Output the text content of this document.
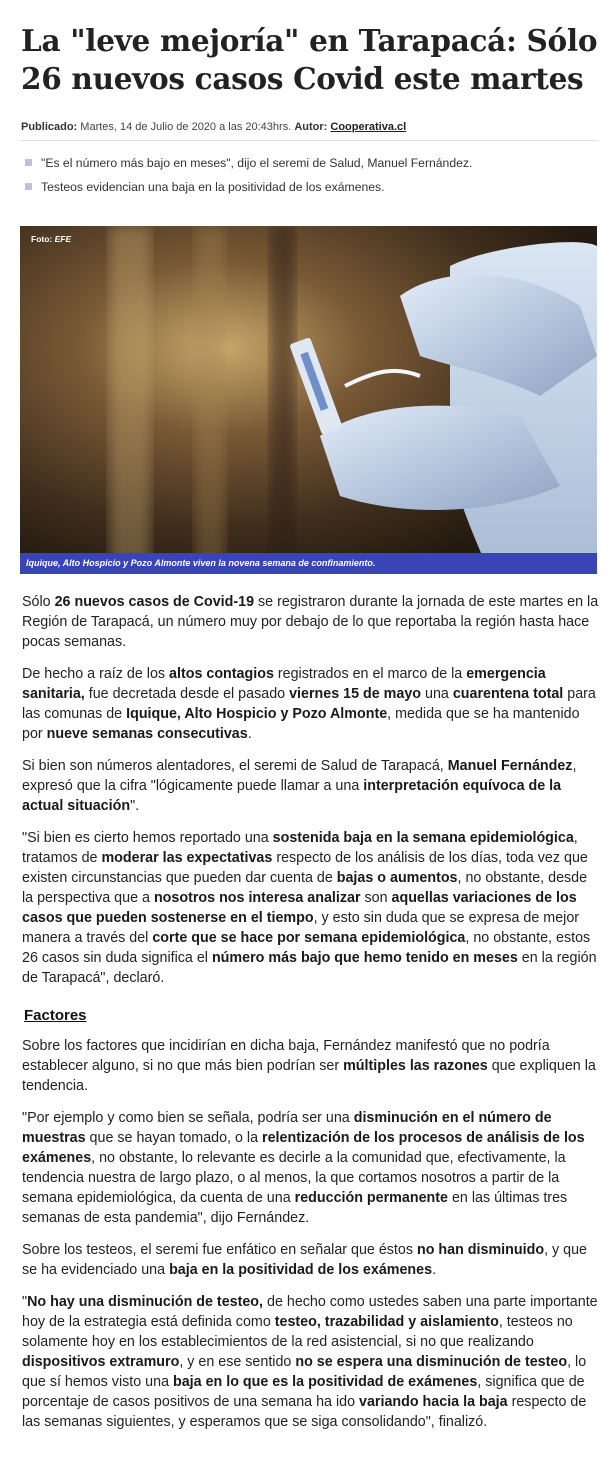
La "leve mejoría" en Tarapacá: Sólo 26 nuevos casos Covid este martes
Publicado: Martes, 14 de Julio de 2020 a las 20:43hrs. Autor: Cooperativa.cl
"Es el número más bajo en meses", dijo el seremi de Salud, Manuel Fernández.
Testeos evidencian una baja en la positividad de los exámenes.
Foto: EFE
Iquique, Alto Hospicio y Pozo Almonte viven la novena semana de confinamiento.

Sólo 26 nuevos casos de Covid-19 se registraron durante la jornada de este martes en la Región de Tarapacá, un número muy por debajo de lo que reportaba la región hasta hace pocas semanas.

De hecho a raíz de los altos contagios registrados en el marco de la emergencia sanitaria, fue decretada desde el pasado viernes 15 de mayo una cuarentena total para las comunas de Iquique, Alto Hospicio y Pozo Almonte, medida que se ha mantenido por nueve semanas consecutivas.

Si bien son números alentadores, el seremi de Salud de Tarapacá, Manuel Fernández, expresó que la cifra "lógicamente puede llamar a una interpretación equívoca de la actual situación".

"Si bien es cierto hemos reportado una sostenida baja en la semana epidemiológica, tratamos de moderar las expectativas respecto de los análisis de los días, toda vez que existen circunstancias que pueden dar cuenta de bajas o aumentos, no obstante, desde la perspectiva que a nosotros nos interesa analizar son aquellas variaciones de los casos que pueden sostenerse en el tiempo, y esto sin duda que se expresa de mejor manera a través del corte que se hace por semana epidemiológica, no obstante, estos 26 casos sin duda significa el número más bajo que hemo tenido en meses en la región de Tarapacá", declaró.

Factores

Sobre los factores que incidirían en dicha baja, Fernández manifestó que no podría establecer alguno, si no que más bien podrían ser múltiples las razones que expliquen la tendencia.

"Por ejemplo y como bien se señala, podría ser una disminución en el número de muestras que se hayan tomado, o la relentización de los procesos de análisis de los exámenes, no obstante, lo relevante es decirle a la comunidad que, efectivamente, la tendencia nuestra de largo plazo, o al menos, la que cortamos nosotros a partir de la semana epidemiológica, da cuenta de una reducción permanente en las últimas tres semanas de esta pandemia", dijo Fernández.

Sobre los testeos, el seremi fue enfático en señalar que éstos no han disminuido, y que se ha evidenciado una baja en la positividad de los exámenes.

"No hay una disminución de testeo, de hecho como ustedes saben una parte importante hoy de la estrategia está definida como testeo, trazabilidad y aislamiento, testeos no solamente hoy en los establecimientos de la red asistencial, si no que realizando dispositivos extramuro, y en ese sentido no se espera una disminución de testeo, lo que sí hemos visto una baja en lo que es la positividad de exámenes, significa que de porcentaje de casos positivos de una semana ha ido variando hacia la baja respecto de las semanas siguientes, y esperamos que se siga consolidando", finalizó.
